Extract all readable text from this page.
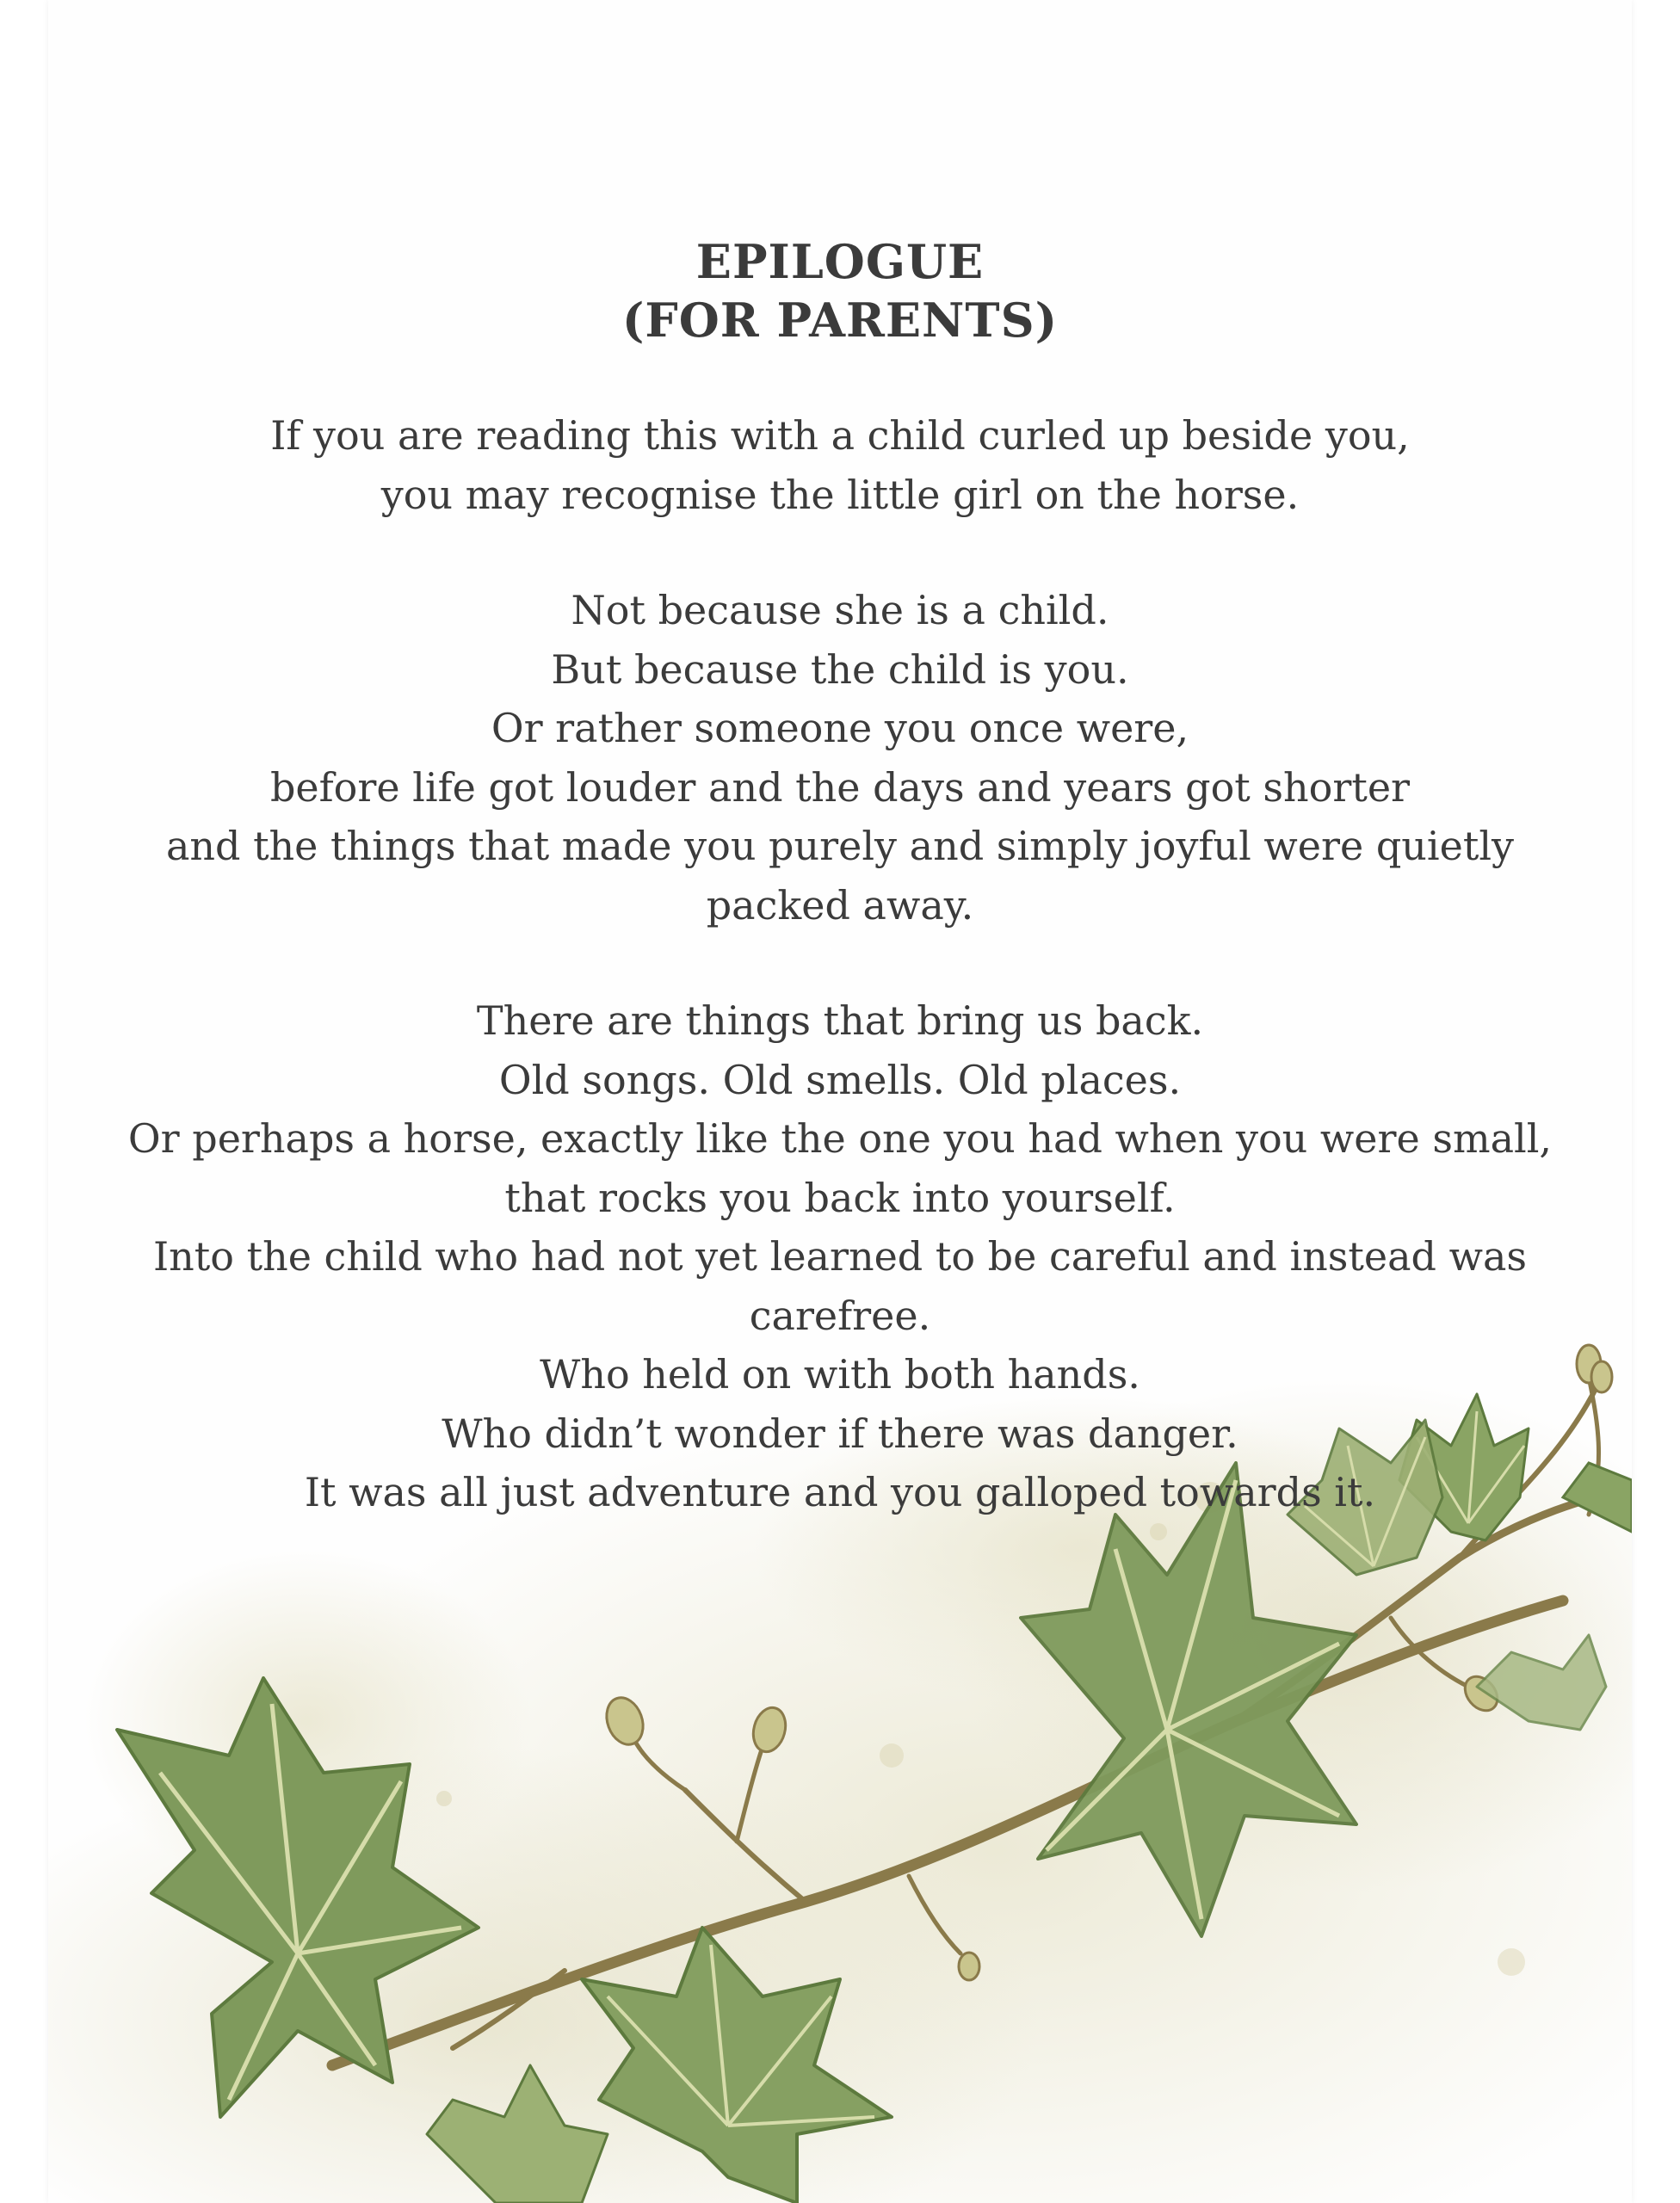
EPILOGUE
(FOR PARENTS)

If you are reading this with a child curled up beside you,
you may recognise the little girl on the horse.

Not because she is a child.
But because the child is you.
Or rather someone you once were,
before life got louder and the days and years got shorter
and the things that made you purely and simply joyful were quietly
packed away.

There are things that bring us back.
Old songs. Old smells. Old places.
Or perhaps a horse, exactly like the one you had when you were small,
that rocks you back into yourself.
Into the child who had not yet learned to be careful and instead was
carefree.
Who held on with both hands.
Who didn’t wonder if there was danger.
It was all just adventure and you galloped towards it.
